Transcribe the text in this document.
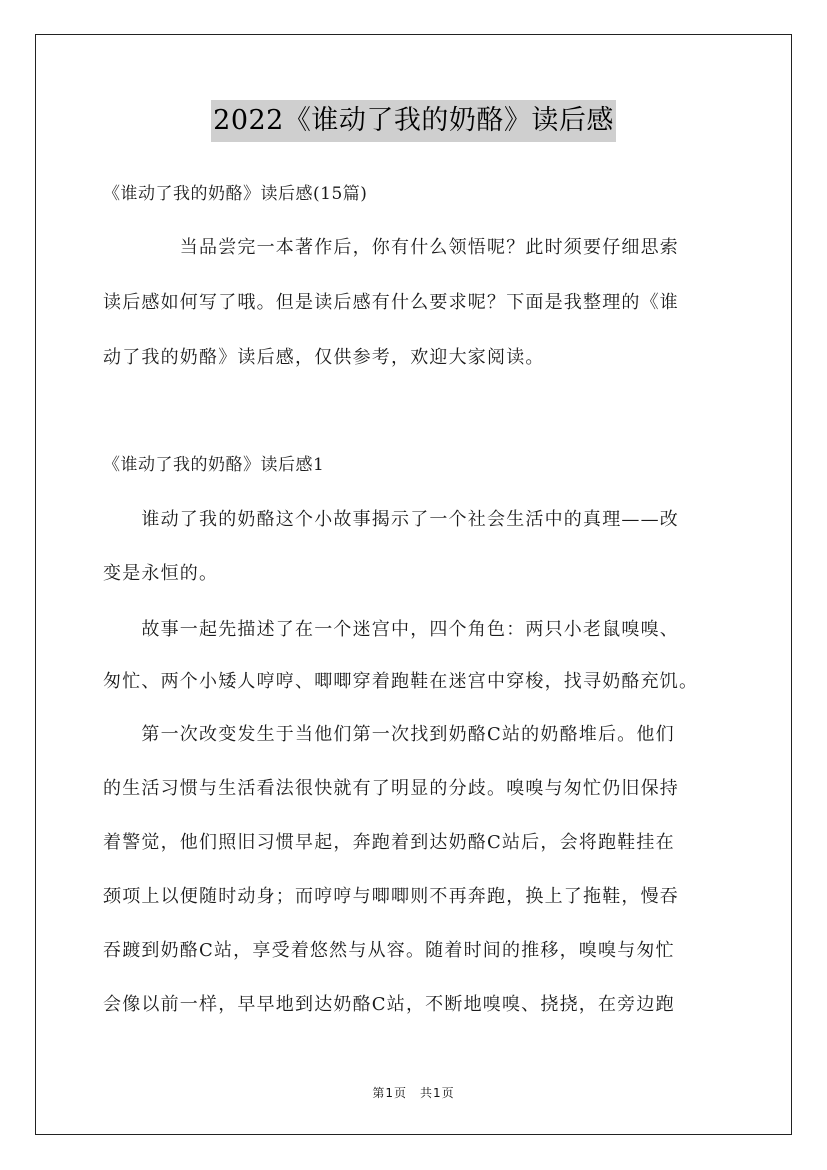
2022《谁动了我的奶酪》读后感
《谁动了我的奶酪》读后感(15篇)
　　　　当品尝完一本著作后，你有什么领悟呢？此时须要仔细思索
读后感如何写了哦。但是读后感有什么要求呢？下面是我整理的《谁
动了我的奶酪》读后感，仅供参考，欢迎大家阅读。
《谁动了我的奶酪》读后感1
　　谁动了我的奶酪这个小故事揭示了一个社会生活中的真理——改
变是永恒的。
　　故事一起先描述了在一个迷宫中，四个角色：两只小老鼠嗅嗅、
匆忙、两个小矮人哼哼、唧唧穿着跑鞋在迷宫中穿梭，找寻奶酪充饥。
　　第一次改变发生于当他们第一次找到奶酪C站的奶酪堆后。他们
的生活习惯与生活看法很快就有了明显的分歧。嗅嗅与匆忙仍旧保持
着警觉，他们照旧习惯早起，奔跑着到达奶酪C站后，会将跑鞋挂在
颈项上以便随时动身；而哼哼与唧唧则不再奔跑，换上了拖鞋，慢吞
吞踱到奶酪C站，享受着悠然与从容。随着时间的推移，嗅嗅与匆忙
会像以前一样，早早地到达奶酪C站，不断地嗅嗅、挠挠，在旁边跑
第1页　共1页
